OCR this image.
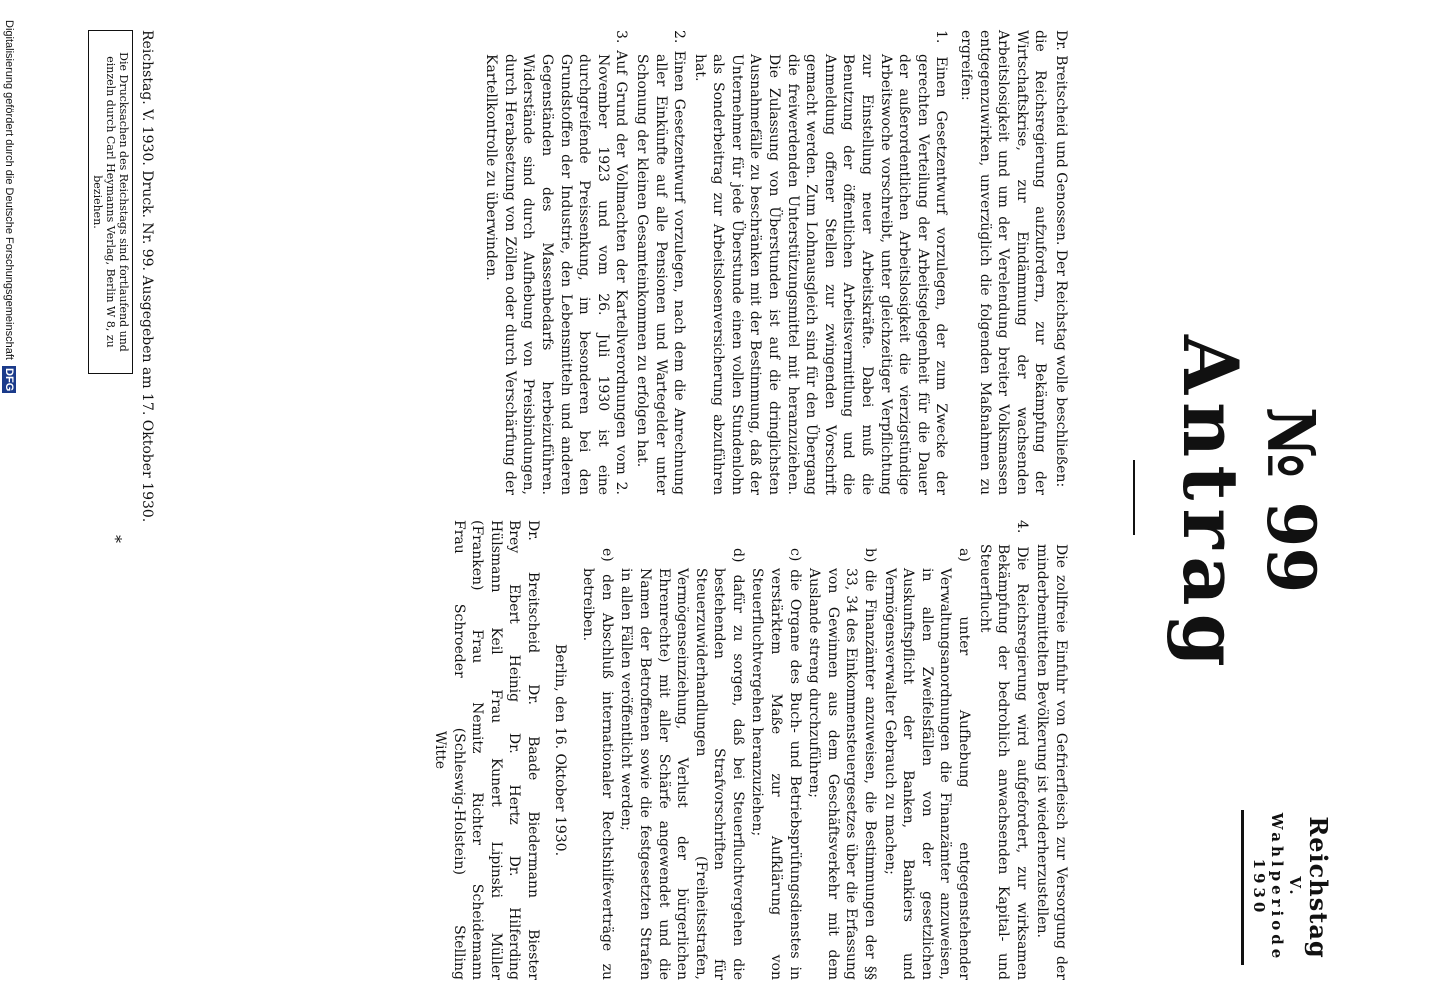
Reichstag
V. Wahlperiode
1930
№ 99
Antrag

Dr. Breitscheid und Genossen. Der Reichstag wolle beschließen:

die Reichsregierung aufzufordern, zur Bekämpfung der Wirtschaftskrise, zur Eindämmung der wachsenden Arbeitslosigkeit und um der Verelendung breiter Volksmassen entgegenzuwirken, unverzüglich die folgenden Maßnahmen zu ergreifen:

1. Einen Gesetzentwurf vorzulegen, der zum Zwecke der gerechten Verteilung der Arbeitsgelegenheit für die Dauer der außerordentlichen Arbeitslosigkeit die vierzigstündige Arbeitswoche vorschreibt, unter gleichzeitiger Verpflichtung zur Einstellung neuer Arbeitskräfte. Dabei muß die Benutzung der öffentlichen Arbeitsvermittlung und die Anmeldung offener Stellen zur zwingenden Vorschrift gemacht werden. Zum Lohnausgleich sind für den Übergang die freiwerdenden Unterstützungsmittel mit heranzuziehen. Die Zulassung von Überstunden ist auf die dringlichsten Ausnahmefälle zu beschränken mit der Bestimmung, daß der Unternehmer für jede Überstunde einen vollen Stundenlohn als Sonderbeitrag zur Arbeitslosenversicherung abzuführen hat.
2. Einen Gesetzentwurf vorzulegen, nach dem die Anrechnung aller Einkünfte auf alle Pensionen und Wartegelder unter Schonung der kleinen Gesamteinkommen zu erfolgen hat.
3. Auf Grund der Vollmachten der Kartellverordnungen vom 2. November 1923 und vom 26. Juli 1930 ist eine durchgreifende Preissenkung, im besonderen bei den Grundstoffen der Industrie, den Lebensmitteln und anderen Gegenständen des Massenbedarfs herbeizuführen. Widerstände sind durch Aufhebung von Preisbindungen, durch Herabsetzung von Zöllen oder durch Verschärfung der Kartellkontrolle zu überwinden.

Die zollfreie Einfuhr von Gefrierfleisch zur Versorgung der minderbemittelten Bevölkerung ist wiederherzustellen.

4. Die Reichsregierung wird aufgefordert, zur wirksamen Bekämpfung der bedrohlich anwachsenden Kapital- und Steuerflucht
a) unter Aufhebung entgegenstehender Verwaltungsanordnungen die Finanzämter anzuweisen, in allen Zweifelsfällen von der gesetzlichen Auskunftspflicht der Banken, Bankiers und Vermögensverwalter Gebrauch zu machen;
b) die Finanzämter anzuweisen, die Bestimmungen der §§ 33, 34 des Einkommensteuergesetzes über die Erfassung von Gewinnen aus dem Geschäftsverkehr mit dem Auslande streng durchzuführen;
c) die Organe des Buch- und Betriebsprüfungsdienstes in verstärktem Maße zur Aufklärung von Steuerfluchtvergehen heranzuziehen;
d) dafür zu sorgen, daß bei Steuerfluchtvergehen die bestehenden Strafvorschriften für Steuerzuwiderhandlungen (Freiheitsstrafen, Vermögenseinziehung, Verlust der bürgerlichen Ehrenrechte) mit aller Schärfe angewendet und die Namen der Betroffenen sowie die festgesetzten Strafen in allen Fällen veröffentlicht werden;
e) den Abschluß internationaler Rechtshilfeverträge zu betreiben.

Berlin, den 16. Oktober 1930.

Dr. Breitscheid Dr. Baade Biedermann Biester
Brey Ebert Heinig Dr. Hertz Dr. Hilferding
Hülsmann Keil Frau Kunert Lipinski Müller
(Franken) Frau Nemitz Richter Scheidemann
Frau Schroeder (Schleswig-Holstein) Stelling
Witte
Reichstag. V. 1930. Druck. Nr. 99. Ausgegeben am 17. Oktober 1930.
Die Drucksachen des Reichstags sind fortlaufend und einzeln durch Carl Heymanns Verlag, Berlin W 8, zu beziehen.
*
Digitalisierung gefördert durch die Deutsche Forschungsgemeinschaft DFG
